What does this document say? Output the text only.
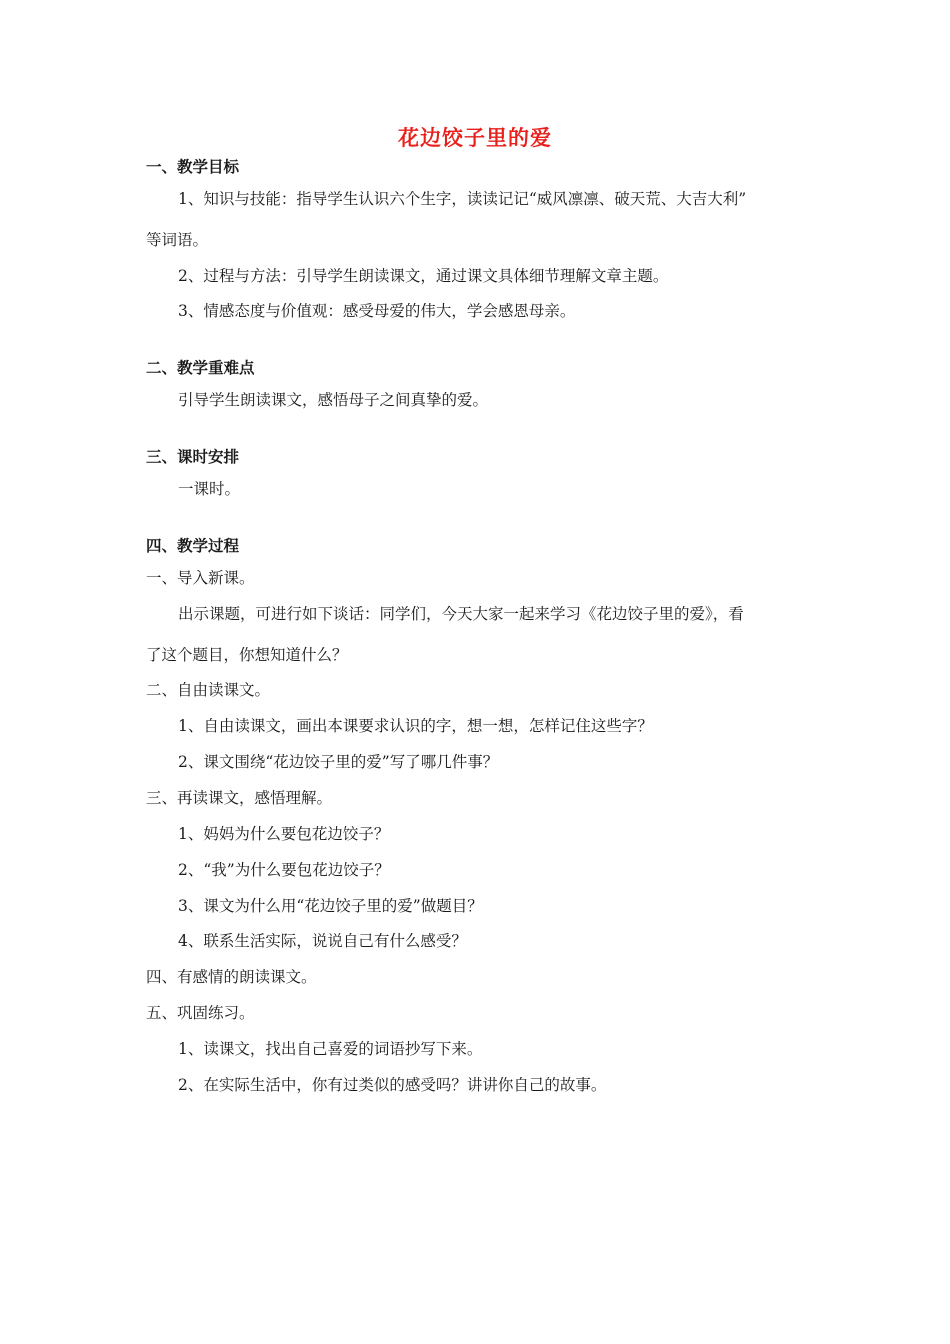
花边饺子里的爱
一、教学目标
1、知识与技能：指导学生认识六个生字，读读记记“威风凛凛、破天荒、大吉大利”
等词语。
2、过程与方法：引导学生朗读课文，通过课文具体细节理解文章主题。
3、情感态度与价值观：感受母爱的伟大，学会感恩母亲。
二、教学重难点
引导学生朗读课文，感悟母子之间真挚的爱。
三、课时安排
一课时。
四、教学过程
一、导入新课。
出示课题，可进行如下谈话：同学们，今天大家一起来学习《花边饺子里的爱》，看
了这个题目，你想知道什么？
二、自由读课文。
1、自由读课文，画出本课要求认识的字，想一想，怎样记住这些字？
2、课文围绕“花边饺子里的爱”写了哪几件事？
三、再读课文，感悟理解。
1、妈妈为什么要包花边饺子？
2、“我”为什么要包花边饺子？
3、课文为什么用“花边饺子里的爱”做题目？
4、联系生活实际，说说自己有什么感受？
四、有感情的朗读课文。
五、巩固练习。
1、读课文，找出自己喜爱的词语抄写下来。
2、在实际生活中，你有过类似的感受吗？讲讲你自己的故事。
